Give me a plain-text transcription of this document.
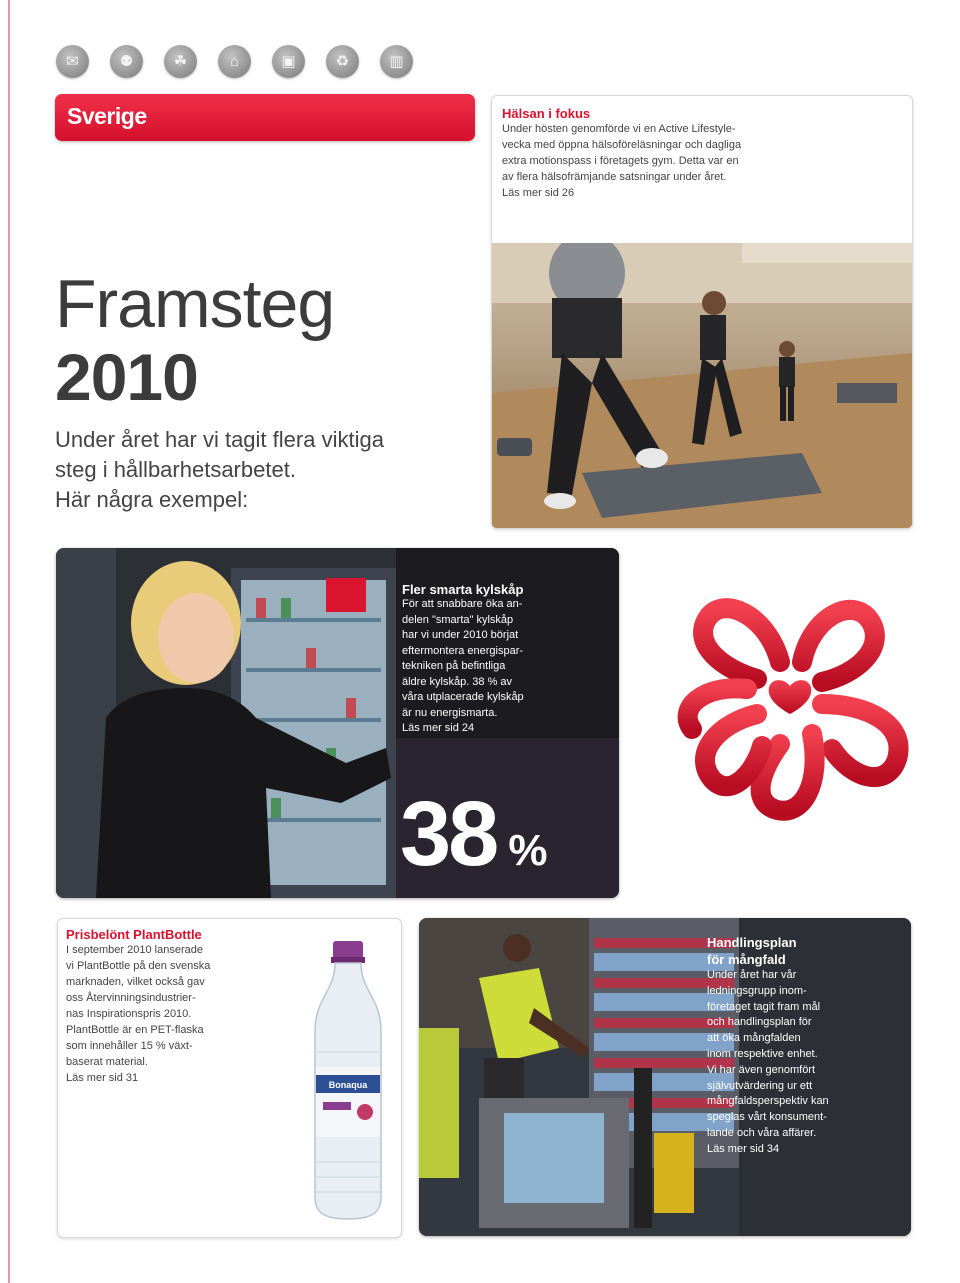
✉	⚉	☘	⌂	▣	♻	▥
Sverige
Framsteg
2010
Under året har vi tagit flera viktiga
steg i hållbarhetsarbetet.
Här några exempel:
Hälsan i fokus
Under hösten genomförde vi en Active Lifestyle-
vecka med öppna hälsoföreläsningar och dagliga
extra motionspass i företagets gym. Detta var en
av flera hälsofrämjande satsningar under året.
Läs mer sid 26
Fler smarta kylskåp
För att snabbare öka an-
delen "smarta" kylskåp
har vi under 2010 börjat
eftermontera energispar-
tekniken på befintliga
äldre kylskåp. 38 % av
våra utplacerade kylskåp
är nu energismarta.
Läs mer sid 24
38 %
Prisbelönt PlantBottle
I september 2010 lanserade
vi PlantBottle på den svenska
marknaden, vilket också gav
oss Återvinningsindustrier-
nas Inspirationspris 2010.
PlantBottle är en PET-flaska
som innehåller 15 % växt-
baserat material.
Läs mer sid 31
Bonaqua
Handlingsplan
för mångfald
Under året har vår
ledningsgrupp inom-
företaget tagit fram mål
och handlingsplan för
att öka mångfalden
inom respektive enhet.
Vi har även genomfört
självutvärdering ur ett
mångfaldsperspektiv kan
speglas vårt konsument-
lande och våra affärer.
Läs mer sid 34
